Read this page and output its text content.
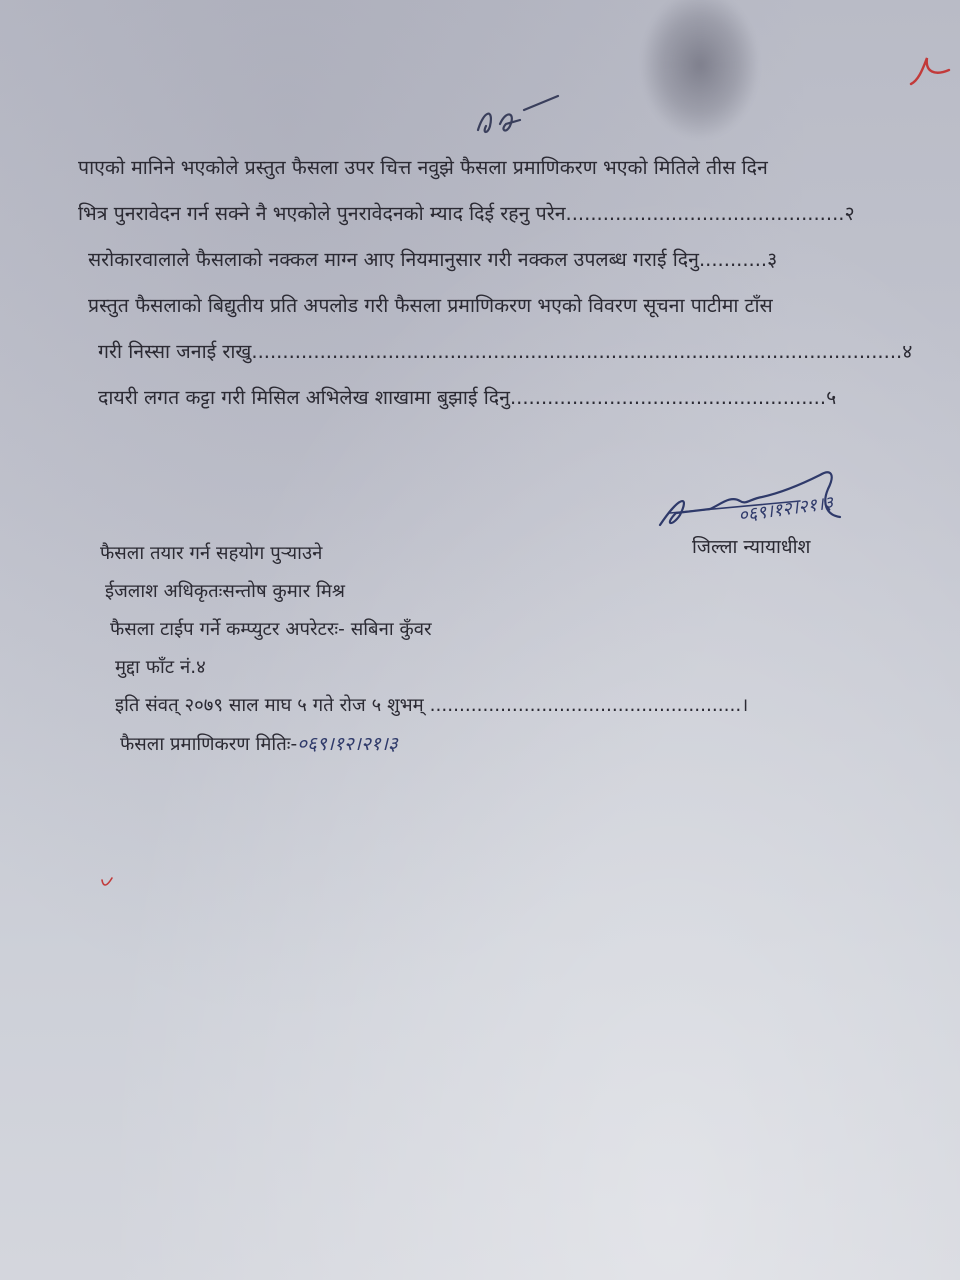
पाएको मानिने भएकोले प्रस्तुत फैसला उपर चित्त नवुझे फैसला प्रमाणिकरण भएको मितिले तीस दिन
भित्र पुनरावेदन गर्न सक्ने नै भएकोले पुनरावेदनको म्याद दिई रहनु परेन.............................................२
सरोकारवालाले फैसलाको नक्कल माग्न आए नियमानुसार गरी नक्कल उपलब्ध गराई दिनु...........३
प्रस्तुत फैसलाको बिद्युतीय प्रति अपलोड गरी फैसला प्रमाणिकरण भएको विवरण सूचना पाटीमा टाँस
गरी निस्सा जनाई राखु.........................................................................................................४
दायरी लगत कट्टा गरी मिसिल अभिलेख शाखामा बुझाई दिनु...................................................५
०६९।१२।२१।३
जिल्ला न्यायाधीश
फैसला तयार गर्न सहयोग पुर्‍याउने
ईजलाश अधिकृतःसन्तोष कुमार मिश्र
फैसला टाईप गर्ने कम्प्युटर अपरेटरः- सबिना कुँवर
मुद्दा फाँट नं.४
इति संवत् २०७९ साल माघ ५ गते रोज ५ शुभम् .....................................................।
फैसला प्रमाणिकरण मितिः-०६९।१२।२१।३
